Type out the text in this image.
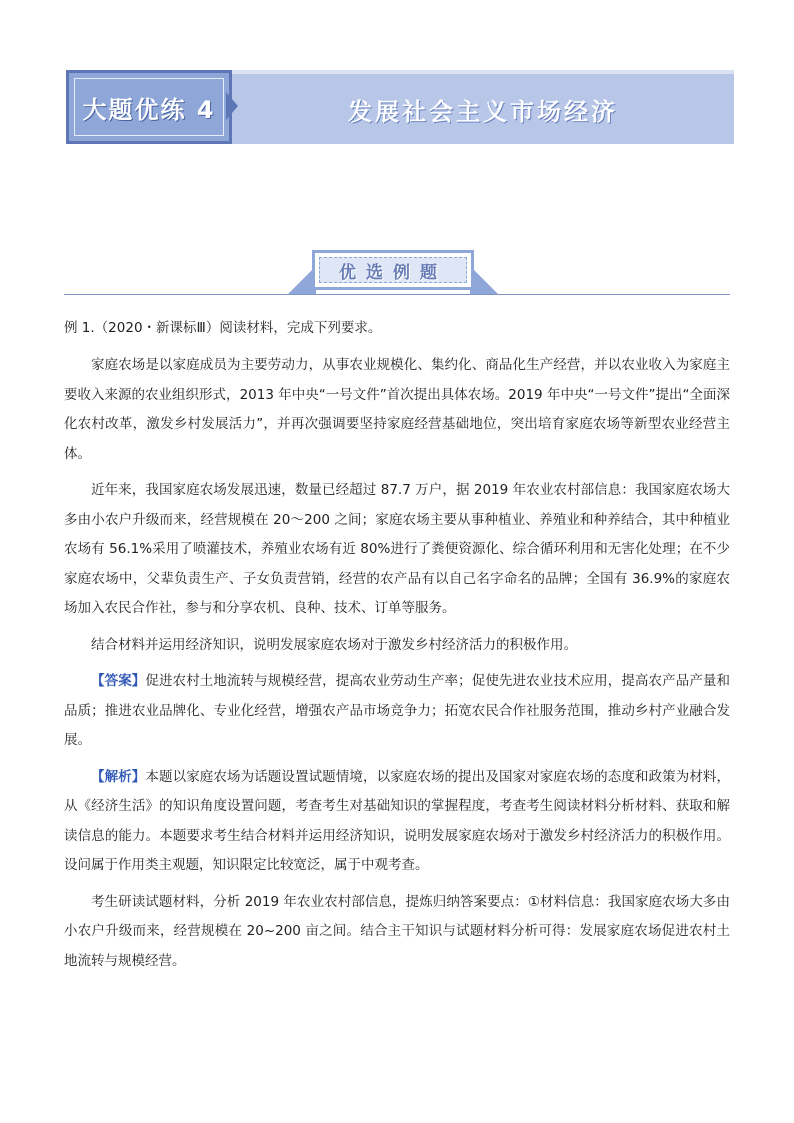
大题优练 4	发展社会主义市场经济
优选例题

例 1.（2020・新课标Ⅲ）阅读材料，完成下列要求。

家庭农场是以家庭成员为主要劳动力，从事农业规模化、集约化、商品化生产经营，并以农业收入为家庭主要收入来源的农业组织形式，2013 年中央“一号文件”首次提出具体农场。2019 年中央“一号文件”提出“全面深化农村改革，激发乡村发展活力”，并再次强调要坚持家庭经营基础地位，突出培育家庭农场等新型农业经营主体。

近年来，我国家庭农场发展迅速，数量已经超过 87.7 万户，据 2019 年农业农村部信息：我国家庭农场大多由小农户升级而来，经营规模在 20～200 之间；家庭农场主要从事种植业、养殖业和种养结合，其中种植业农场有 56.1%采用了喷灌技术，养殖业农场有近 80%进行了粪便资源化、综合循环利用和无害化处理；在不少家庭农场中，父辈负责生产、子女负责营销，经营的农产品有以自己名字命名的品牌；全国有 36.9%的家庭农场加入农民合作社，参与和分享农机、良种、技术、订单等服务。

结合材料并运用经济知识，说明发展家庭农场对于激发乡村经济活力的积极作用。

【答案】促进农村土地流转与规模经营，提高农业劳动生产率；促使先进农业技术应用，提高农产品产量和品质；推进农业品牌化、专业化经营，增强农产品市场竞争力；拓宽农民合作社服务范围，推动乡村产业融合发展。

【解析】本题以家庭农场为话题设置试题情境，以家庭农场的提出及国家对家庭农场的态度和政策为材料，从《经济生活》的知识角度设置问题，考查考生对基础知识的掌握程度，考查考生阅读材料分析材料、获取和解读信息的能力。本题要求考生结合材料并运用经济知识，说明发展家庭农场对于激发乡村经济活力的积极作用。设问属于作用类主观题，知识限定比较宽泛，属于中观考查。

考生研读试题材料，分析 2019 年农业农村部信息，提炼归纳答案要点：①材料信息：我国家庭农场大多由小农户升级而来，经营规模在 20~200 亩之间。结合主干知识与试题材料分析可得：发展家庭农场促进农村土地流转与规模经营。
